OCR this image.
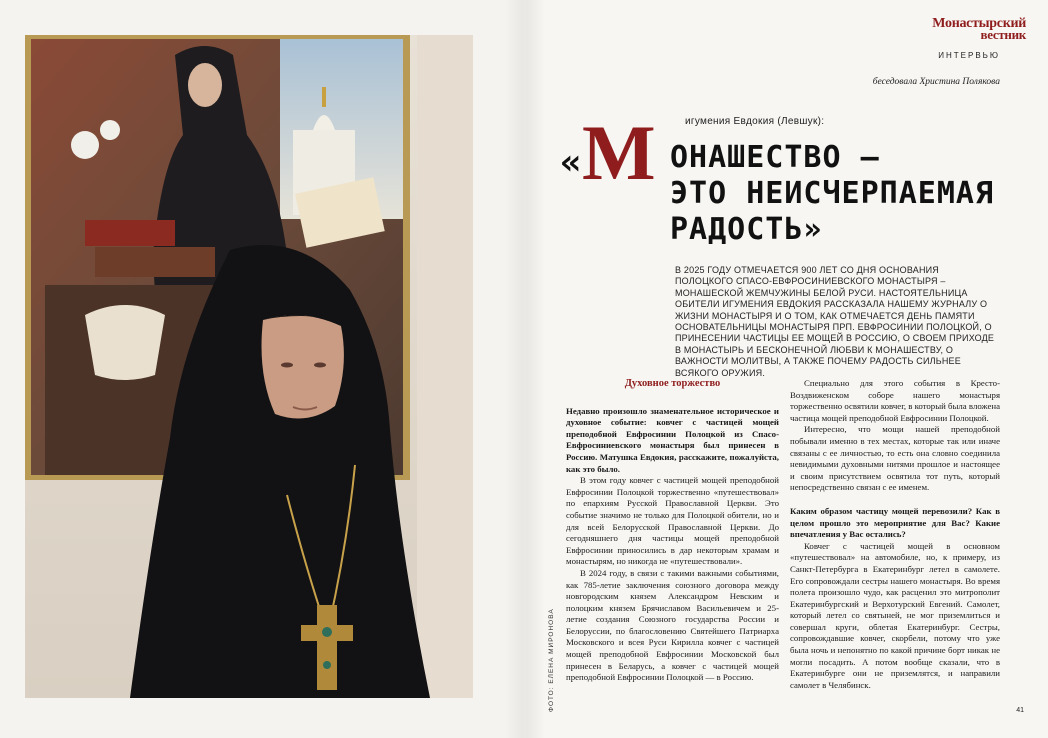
ФОТО: ЕЛЕНА МИРОНОВА
Монастырский
вестник
ИНТЕРВЬЮ
беседовала Христина Полякова
игумения Евдокия (Левшук):
« М ОНАШЕСТВО –
ЭТО НЕИСЧЕРПАЕМАЯ
РАДОСТЬ»
В 2025 ГОДУ ОТМЕЧАЕТСЯ 900 ЛЕТ СО ДНЯ ОСНОВАНИЯ ПОЛОЦКОГО СПАСО-ЕВФРОСИНИЕВСКОГО МОНАСТЫРЯ – МОНАШЕСКОЙ ЖЕМЧУЖИНЫ БЕЛОЙ РУСИ. НАСТОЯТЕЛЬНИЦА ОБИТЕЛИ ИГУМЕНИЯ ЕВДОКИЯ РАССКАЗАЛА НАШЕМУ ЖУРНАЛУ О ЖИЗНИ МОНАСТЫРЯ И О ТОМ, КАК ОТМЕЧАЕТСЯ ДЕНЬ ПАМЯТИ ОСНОВАТЕЛЬНИЦЫ МОНАСТЫРЯ ПРП. ЕВФРОСИНИИ ПОЛОЦКОЙ, О ПРИНЕСЕНИИ ЧАСТИЦЫ ЕЕ МОЩЕЙ В РОССИЮ, О СВОЕМ ПРИХОДЕ В МОНАСТЫРЬ И БЕСКОНЕЧНОЙ ЛЮБВИ К МОНАШЕСТВУ, О ВАЖНОСТИ МОЛИТВЫ, А ТАКЖЕ ПОЧЕМУ РАДОСТЬ СИЛЬНЕЕ ВСЯКОГО ОРУЖИЯ.

Духовное торжество

Недавно произошло знаменательное историческое и духовное событие: ковчег с частицей мощей преподобной Евфросинии Полоцкой из Спасо-Евфросиниевского монастыря был принесен в Россию. Матушка Евдокия, расскажите, пожалуйста, как это было.

В этом году ковчег с частицей мощей преподобной Евфросинии Полоцкой торжественно «путешествовал» по епархиям Русской Православной Церкви. Это событие значимо не только для Полоцкой обители, но и для всей Белорусской Православной Церкви. До сегодняшнего дня частицы мощей преподобной Евфросинии приносились в дар некоторым храмам и монастырям, но никогда не «путешествовали».

В 2024 году, в связи с такими важными событиями, как 785-летие заключения союзного договора между новгородским князем Александром Невским и полоцким князем Брячиславом Васильевичем и 25-летие создания Союзного государства России и Белоруссии, по благословению Святейшего Патриарха Московского и всея Руси Кирилла ковчег с частицей мощей преподобной Евфросинии Московской был принесен в Беларусь, а ковчег с частицей мощей преподобной Евфросинии Полоцкой — в Россию.

Специально для этого события в Кресто-Воздвиженском соборе нашего монастыря торжественно освятили ковчег, в который была вложена частица мощей преподобной Евфросинии Полоцкой.

Интересно, что мощи нашей преподобной побывали именно в тех местах, которые так или иначе связаны с ее личностью, то есть она словно соединила невидимыми духовными нитями прошлое и настоящее и своим присутствием освятила тот путь, который непосредственно связан с ее именем.

Каким образом частицу мощей перевозили? Как в целом прошло это мероприятие для Вас? Какие впечатления у Вас остались?

Ковчег с частицей мощей в основном «путешествовал» на автомобиле, но, к примеру, из Санкт-Петербурга в Екатеринбург летел в самолете. Его сопровождали сестры нашего монастыря. Во время полета произошло чудо, как расценил это митрополит Екатеринбургский и Верхотурский Евгений. Самолет, который летел со святыней, не мог приземлиться и совершал круги, облетая Екатеринбург. Сестры, сопровождавшие ковчег, скорбели, потому что уже была ночь и непонятно по какой причине борт никак не могли посадить. А потом вообще сказали, что в Екатеринбурге они не приземлятся, и направили самолет в Челябинск.

41
